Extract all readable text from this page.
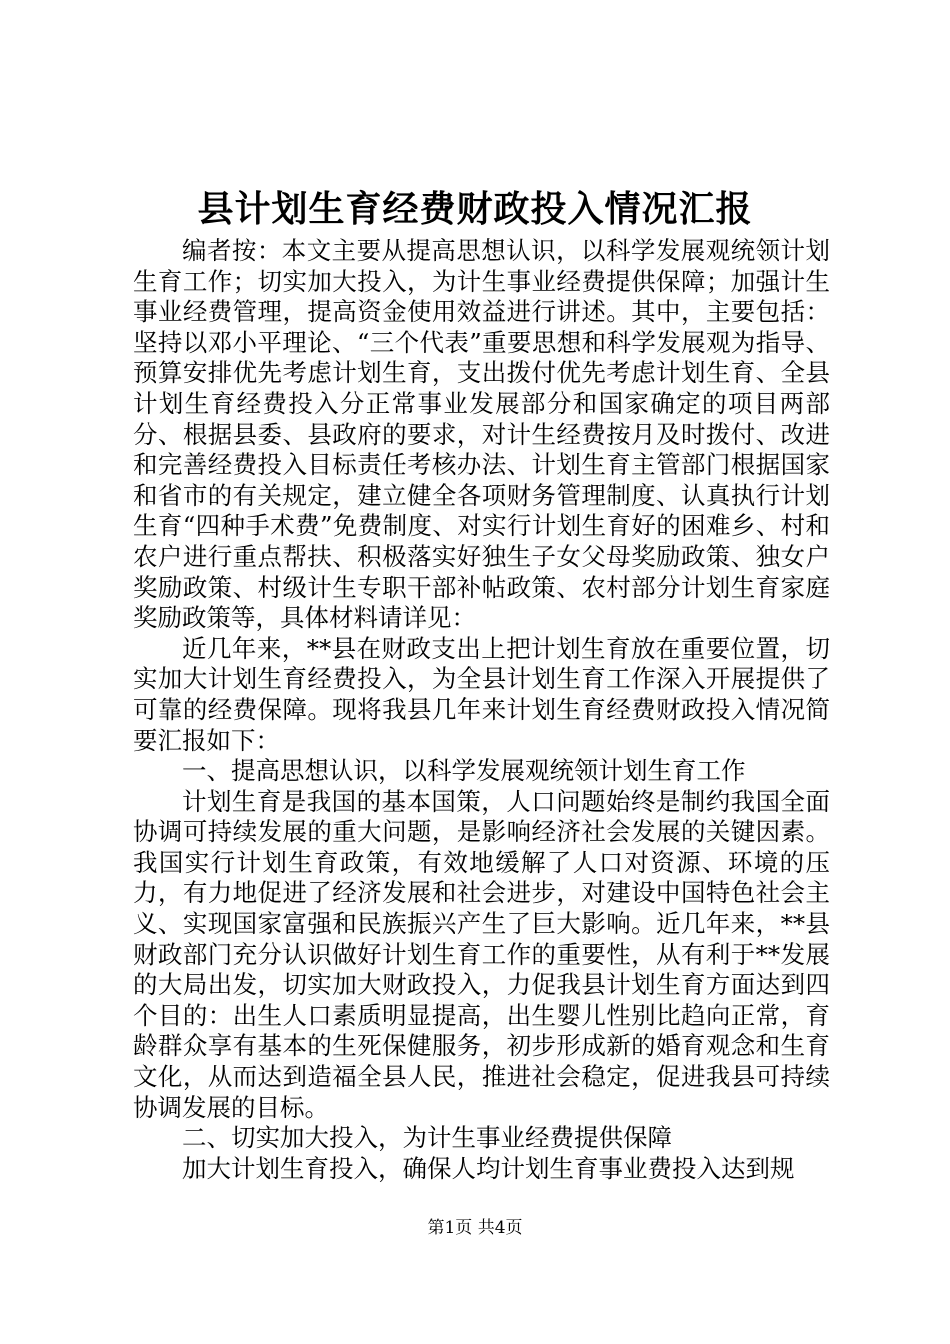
县计划生育经费财政投入情况汇报

编者按：本文主要从提高思想认识，以科学发展观统领计划生育工作；切实加大投入，为计生事业经费提供保障；加强计生事业经费管理，提高资金使用效益进行讲述。其中，主要包括：坚持以邓小平理论、“三个代表”重要思想和科学发展观为指导、预算安排优先考虑计划生育，支出拨付优先考虑计划生育、全县计划生育经费投入分正常事业发展部分和国家确定的项目两部分、根据县委、县政府的要求，对计生经费按月及时拨付、改进和完善经费投入目标责任考核办法、计划生育主管部门根据国家和省市的有关规定，建立健全各项财务管理制度、认真执行计划生育“四种手术费”免费制度、对实行计划生育好的困难乡、村和农户进行重点帮扶、积极落实好独生子女父母奖励政策、独女户奖励政策、村级计生专职干部补帖政策、农村部分计划生育家庭奖励政策等，具体材料请详见：

近几年来，**县在财政支出上把计划生育放在重要位置，切实加大计划生育经费投入，为全县计划生育工作深入开展提供了可靠的经费保障。现将我县几年来计划生育经费财政投入情况简要汇报如下：

一、提高思想认识，以科学发展观统领计划生育工作

计划生育是我国的基本国策，人口问题始终是制约我国全面协调可持续发展的重大问题，是影响经济社会发展的关键因素。我国实行计划生育政策，有效地缓解了人口对资源、环境的压力，有力地促进了经济发展和社会进步，对建设中国特色社会主义、实现国家富强和民族振兴产生了巨大影响。近几年来，**县财政部门充分认识做好计划生育工作的重要性，从有利于**发展的大局出发，切实加大财政投入，力促我县计划生育方面达到四个目的：出生人口素质明显提高，出生婴儿性别比趋向正常，育龄群众享有基本的生死保健服务，初步形成新的婚育观念和生育文化，从而达到造福全县人民，推进社会稳定，促进我县可持续协调发展的目标。

二、切实加大投入，为计生事业经费提供保障

加大计划生育投入，确保人均计划生育事业费投入达到规

第1页 共4页
